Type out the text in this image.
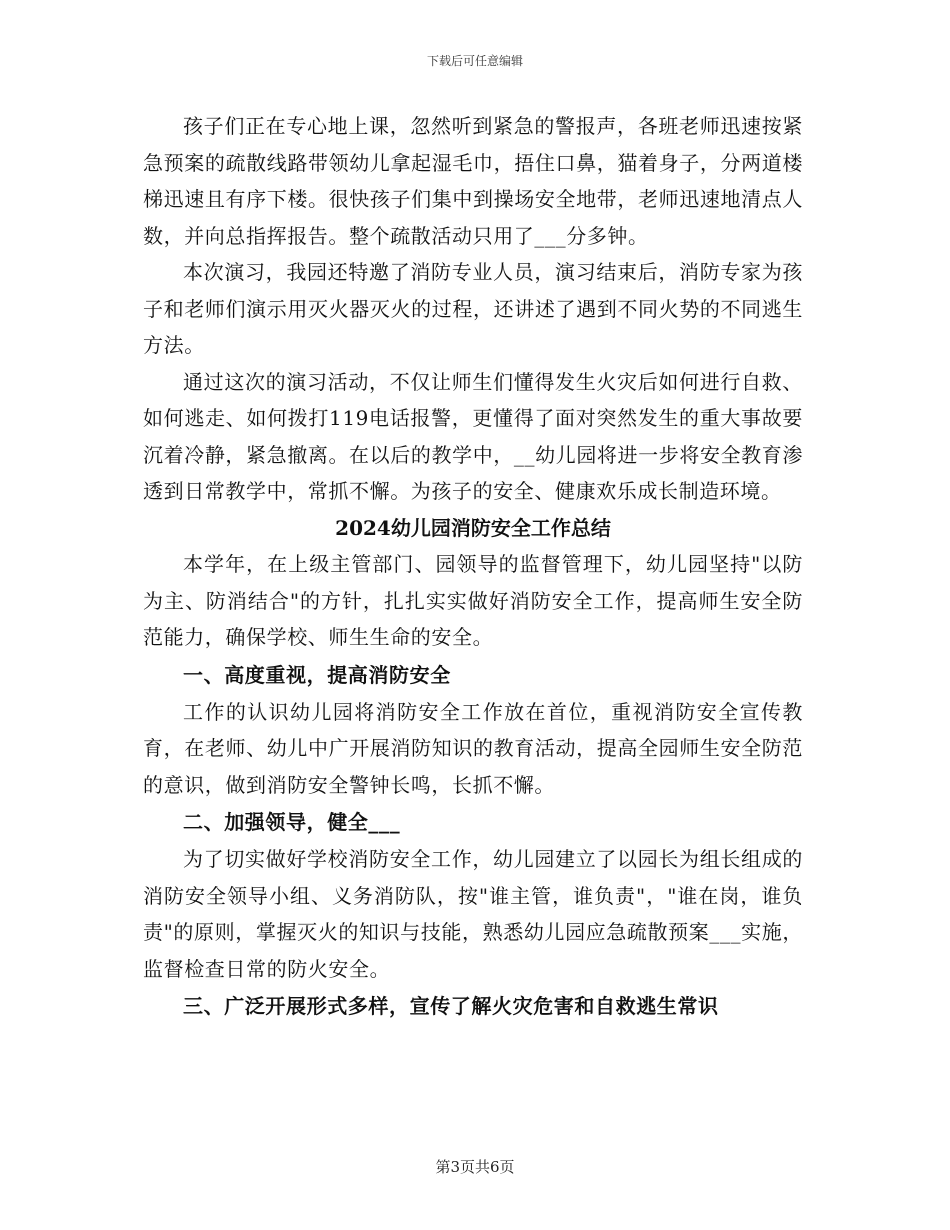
下载后可任意编辑

孩子们正在专心地上课，忽然听到紧急的警报声，各班老师迅速按紧急预案的疏散线路带领幼儿拿起湿毛巾，捂住口鼻，猫着身子，分两道楼梯迅速且有序下楼。很快孩子们集中到操场安全地带，老师迅速地清点人数，并向总指挥报告。整个疏散活动只用了___分多钟。

本次演习，我园还特邀了消防专业人员，演习结束后，消防专家为孩子和老师们演示用灭火器灭火的过程，还讲述了遇到不同火势的不同逃生方法。

通过这次的演习活动，不仅让师生们懂得发生火灾后如何进行自救、如何逃走、如何拨打119电话报警，更懂得了面对突然发生的重大事故要沉着冷静，紧急撤离。在以后的教学中，__幼儿园将进一步将安全教育渗透到日常教学中，常抓不懈。为孩子的安全、健康欢乐成长制造环境。

2024幼儿园消防安全工作总结

本学年，在上级主管部门、园领导的监督管理下，幼儿园坚持"以防为主、防消结合"的方针，扎扎实实做好消防安全工作，提高师生安全防范能力，确保学校、师生生命的安全。

一、高度重视，提高消防安全

工作的认识幼儿园将消防安全工作放在首位，重视消防安全宣传教育，在老师、幼儿中广开展消防知识的教育活动，提高全园师生安全防范的意识，做到消防安全警钟长鸣，长抓不懈。

二、加强领导，健全___

为了切实做好学校消防安全工作，幼儿园建立了以园长为组长组成的消防安全领导小组、义务消防队，按"谁主管，谁负责"，"谁在岗，谁负责"的原则，掌握灭火的知识与技能，熟悉幼儿园应急疏散预案___实施，监督检查日常的防火安全。

三、广泛开展形式多样，宣传了解火灾危害和自救逃生常识

第3页共6页
